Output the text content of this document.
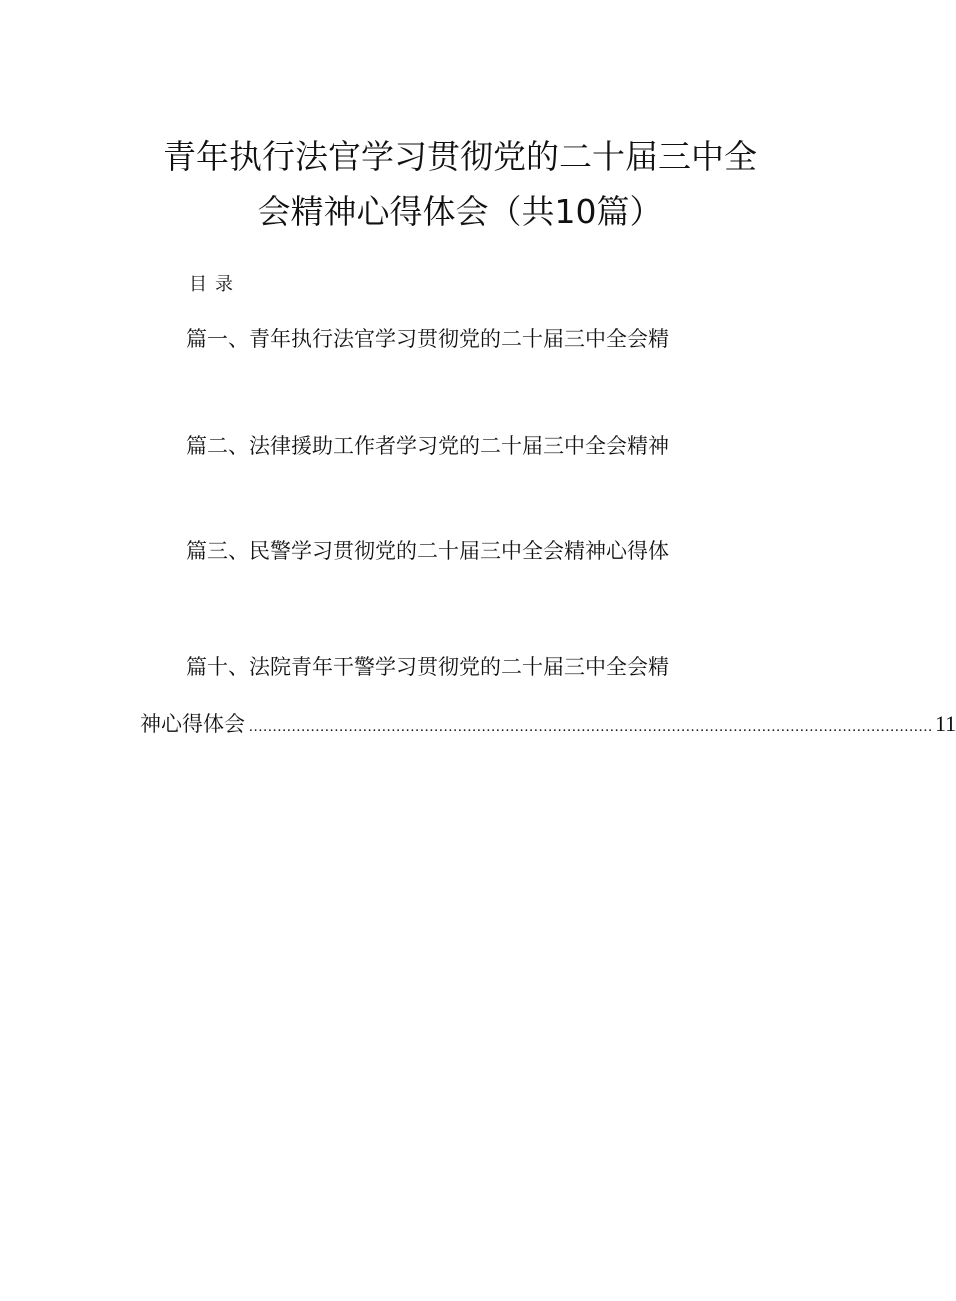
青年执行法官学习贯彻党的二十届三中全
会精神心得体会（共10篇）
目录
篇一、青年执行法官学习贯彻党的二十届三中全会精
篇二、法律援助工作者学习党的二十届三中全会精神
篇三、民警学习贯彻党的二十届三中全会精神心得体
篇十、法院青年干警学习贯彻党的二十届三中全会精
神心得体会 ................................................................................................................................................ 11
